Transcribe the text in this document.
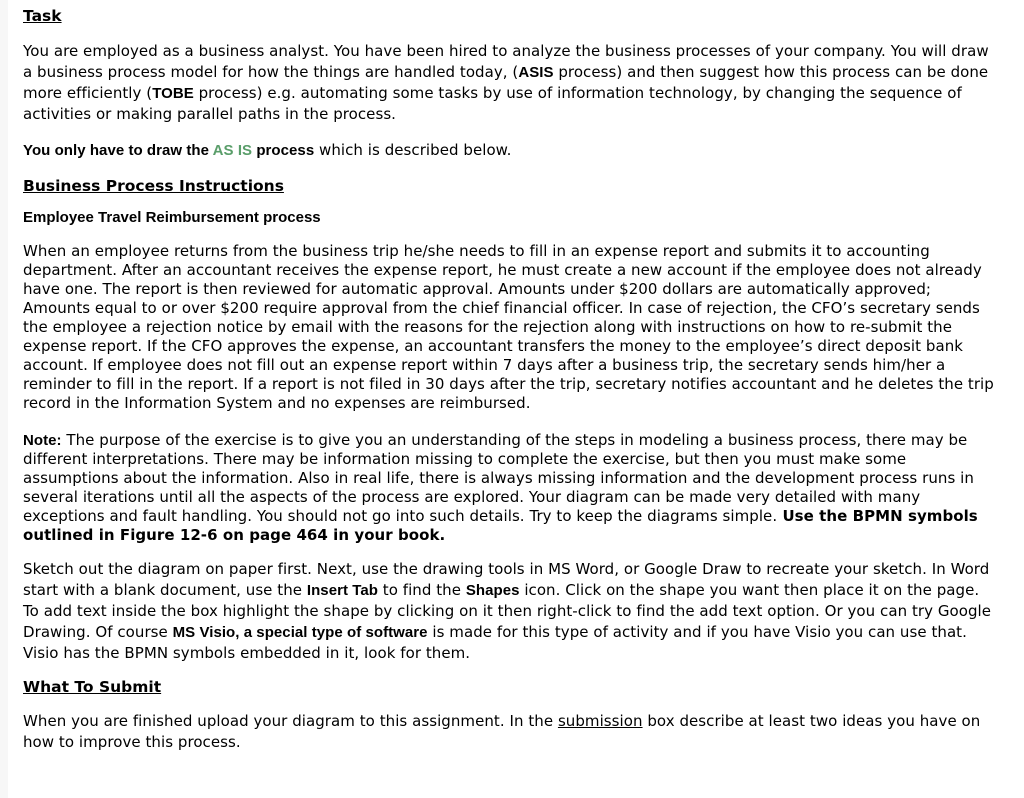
Task

You are employed as a business analyst. You have been hired to analyze the business processes of your company. You will draw a business process model for how the things are handled today, (ASIS process) and then suggest how this process can be done more efficiently (TOBE process) e.g. automating some tasks by use of information technology, by changing the sequence of activities or making parallel paths in the process.

You only have to draw the AS IS process which is described below.

Business Process Instructions

Employee Travel Reimbursement process

When an employee returns from the business trip he/she needs to fill in an expense report and submits it to accounting department. After an accountant receives the expense report, he must create a new account if the employee does not already have one. The report is then reviewed for automatic approval. Amounts under $200 dollars are automatically approved; Amounts equal to or over $200 require approval from the chief financial officer. In case of rejection, the CFO’s secretary sends the employee a rejection notice by email with the reasons for the rejection along with instructions on how to re-submit the expense report. If the CFO approves the expense, an accountant transfers the money to the employee’s direct deposit bank account. If employee does not fill out an expense report within 7 days after a business trip, the secretary sends him/her a reminder to fill in the report. If a report is not filed in 30 days after the trip, secretary notifies accountant and he deletes the trip record in the Information System and no expenses are reimbursed.

Note: The purpose of the exercise is to give you an understanding of the steps in modeling a business process, there may be different interpretations. There may be information missing to complete the exercise, but then you must make some assumptions about the information. Also in real life, there is always missing information and the development process runs in several iterations until all the aspects of the process are explored. Your diagram can be made very detailed with many exceptions and fault handling. You should not go into such details. Try to keep the diagrams simple. Use the BPMN symbols outlined in Figure 12-6 on page 464 in your book.

Sketch out the diagram on paper first. Next, use the drawing tools in MS Word, or Google Draw to recreate your sketch. In Word start with a blank document, use the Insert Tab to find the Shapes icon. Click on the shape you want then place it on the page. To add text inside the box highlight the shape by clicking on it then right-click to find the add text option. Or you can try Google Drawing. Of course MS Visio, a special type of software is made for this type of activity and if you have Visio you can use that. Visio has the BPMN symbols embedded in it, look for them.

What To Submit

When you are finished upload your diagram to this assignment. In the submission box describe at least two ideas you have on how to improve this process.
